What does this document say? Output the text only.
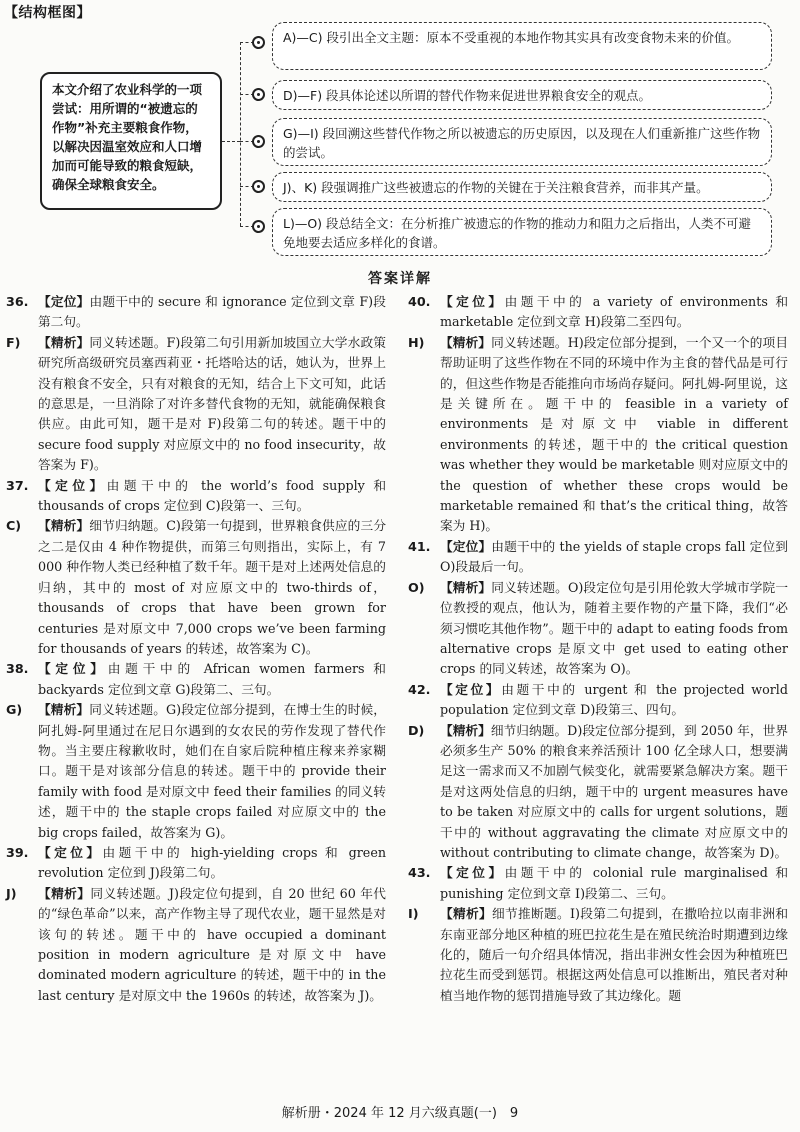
【结构框图】
本文介绍了农业科学的一项尝试：用所谓的“被遗忘的作物”补充主要粮食作物，以解决因温室效应和人口增加而可能导致的粮食短缺，确保全球粮食安全。
A)—C) 段引出全文主题：原本不受重视的本地作物其实具有改变食物未来的价值。
D)—F) 段具体论述以所谓的替代作物来促进世界粮食安全的观点。
G)—I) 段回溯这些替代作物之所以被遗忘的历史原因，以及现在人们重新推广这些作物的尝试。
J)、K) 段强调推广这些被遗忘的作物的关键在于关注粮食营养，而非其产量。
L)—O) 段总结全文：在分析推广被遗忘的作物的推动力和阻力之后指出，人类不可避免地要去适应多样化的食谱。
答案详解

36. 【定位】由题干中的 secure 和 ignorance 定位到文章 F)段第二句。

F) 【精析】同义转述题。F)段第二句引用新加坡国立大学水政策研究所高级研究员塞西莉亚・托塔哈达的话，她认为，世界上没有粮食不安全，只有对粮食的无知，结合上下文可知，此话的意思是，一旦消除了对许多替代食物的无知，就能确保粮食供应。由此可知，题干是对 F)段第二句的转述。题干中的 secure food supply 对应原文中的 no food insecurity，故答案为 F)。

37. 【定位】由题干中的 the world’s food supply 和 thousands of crops 定位到 C)段第一、三句。

C) 【精析】细节归纳题。C)段第一句提到，世界粮食供应的三分之二是仅由 4 种作物提供，而第三句则指出，实际上，有 7 000 种作物人类已经种植了数千年。题干是对上述两处信息的归纳，其中的 most of 对应原文中的 two-thirds of，thousands of crops that have been grown for centuries 是对原文中 7,000 crops we’ve been farming for thousands of years 的转述，故答案为 C)。

38. 【定位】由题干中的 African women farmers 和 backyards 定位到文章 G)段第二、三句。

G) 【精析】同义转述题。G)段定位部分提到，在博士生的时候，阿扎姆-阿里通过在尼日尔遇到的女农民的劳作发现了替代作物。当主要庄稼歉收时，她们在自家后院种植庄稼来养家糊口。题干是对该部分信息的转述。题干中的 provide their family with food 是对原文中 feed their families 的同义转述，题干中的 the staple crops failed 对应原文中的 the big crops failed，故答案为 G)。

39. 【定位】由题干中的 high-yielding crops 和 green revolution 定位到 J)段第二句。

J) 【精析】同义转述题。J)段定位句提到，自 20 世纪 60 年代的“绿色革命”以来，高产作物主导了现代农业，题干显然是对该句的转述。题干中的 have occupied a dominant position in modern agriculture 是对原文中 have dominated modern agriculture 的转述，题干中的 in the last century 是对原文中 the 1960s 的转述，故答案为 J)。

40. 【定位】由题干中的 a variety of environments 和 marketable 定位到文章 H)段第二至四句。

H) 【精析】同义转述题。H)段定位部分提到，一个又一个的项目帮助证明了这些作物在不同的环境中作为主食的替代品是可行的，但这些作物是否能推向市场尚存疑问。阿扎姆-阿里说，这是关键所在。题干中的 feasible in a variety of environments 是对原文中 viable in different environments 的转述，题干中的 the critical question was whether they would be marketable 则对应原文中的 the question of whether these crops would be marketable remained 和 that’s the critical thing，故答案为 H)。

41. 【定位】由题干中的 the yields of staple crops fall 定位到 O)段最后一句。

O) 【精析】同义转述题。O)段定位句是引用伦敦大学城市学院一位教授的观点，他认为，随着主要作物的产量下降，我们“必须习惯吃其他作物”。题干中的 adapt to eating foods from alternative crops 是原文中 get used to eating other crops 的同义转述，故答案为 O)。

42. 【定位】由题干中的 urgent 和 the projected world population 定位到文章 D)段第三、四句。

D) 【精析】细节归纳题。D)段定位部分提到，到 2050 年，世界必须多生产 50% 的粮食来养活预计 100 亿全球人口，想要满足这一需求而又不加剧气候变化，就需要紧急解决方案。题干是对这两处信息的归纳，题干中的 urgent measures have to be taken 对应原文中的 calls for urgent solutions，题干中的 without aggravating the climate 对应原文中的 without contributing to climate change，故答案为 D)。

43. 【定位】由题干中的 colonial rule marginalised 和 punishing 定位到文章 I)段第二、三句。

I) 【精析】细节推断题。I)段第二句提到，在撒哈拉以南非洲和东南亚部分地区种植的班巴拉花生是在殖民统治时期遭到边缘化的，随后一句介绍具体情况，指出非洲女性会因为种植班巴拉花生而受到惩罚。根据这两处信息可以推断出，殖民者对种植当地作物的惩罚措施导致了其边缘化。题

解析册・2024 年 12 月六级真题(一)　9
